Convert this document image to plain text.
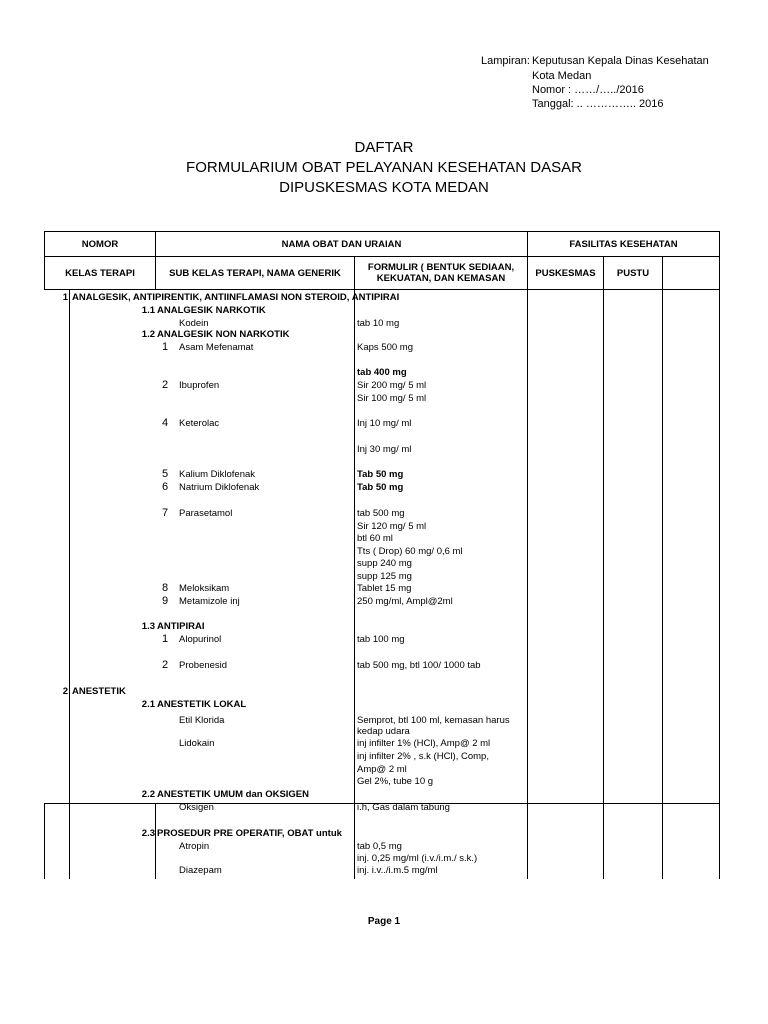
Lampiran: Keputusan Kepala Dinas Kesehatan
Kota Medan
Nomor : ……/…../2016
Tanggal: .. ………….. 2016
DAFTAR
FORMULARIUM OBAT PELAYANAN KESEHATAN DASAR
DIPUSKESMAS KOTA MEDAN
NOMOR	NAMA OBAT DAN URAIAN	FASILITAS KESEHATAN
KELAS TERAPI	SUB KELAS TERAPI, NAMA GENERIK	FORMULIR ( BENTUK SEDIAAN, KEKUATAN, DAN KEMASAN	PUSKESMAS	PUSTU
1 ANALGESIK, ANTIPIRENTIK, ANTIINFLAMASI NON STEROID, ANTIPIRAI
1.1 ANALGESIK NARKOTIK
Kodein	tab 10 mg
1.2 ANALGESIK NON NARKOTIK
1 Asam Mefenamat	Kaps 500 mg
tab 400 mg
2 Ibuprofen	Sir 200 mg/ 5 ml
Sir 100 mg/ 5 ml
4 Keterolac	Inj 10 mg/ ml
Inj 30 mg/ ml
5 Kalium Diklofenak	Tab 50 mg
6 Natrium Diklofenak	Tab 50 mg
7 Parasetamol	tab 500 mg
Sir 120 mg/ 5 ml
btl 60 ml
Tts ( Drop) 60 mg/ 0,6 ml
supp 240 mg
supp 125 mg
8 Meloksikam	Tablet 15 mg
9 Metamizole inj	250 mg/ml, Ampl@2ml
1.3 ANTIPIRAI
1 Alopurinol	tab 100 mg
2 Probenesid	tab 500 mg, btl 100/ 1000 tab
2 ANESTETIK
2.1 ANESTETIK LOKAL
Etil Klorida	Semprot, btl 100 ml, kemasan harus
kedap udara
Lidokain	inj infilter 1% (HCl), Amp@ 2 ml
inj infilter 2% , s.k (HCl), Comp,
Amp@ 2 ml
Gel 2%, tube 10 g
2.2 ANESTETIK UMUM dan OKSIGEN
Oksigen	i.h, Gas dalam tabung
2.3 PROSEDUR PRE OPERATIF, OBAT untuk
Atropin	tab 0,5 mg
inj. 0,25 mg/ml (i.v./i.m./ s.k.)
Diazepam	inj. i.v../i.m.5 mg/ml
Page 1
